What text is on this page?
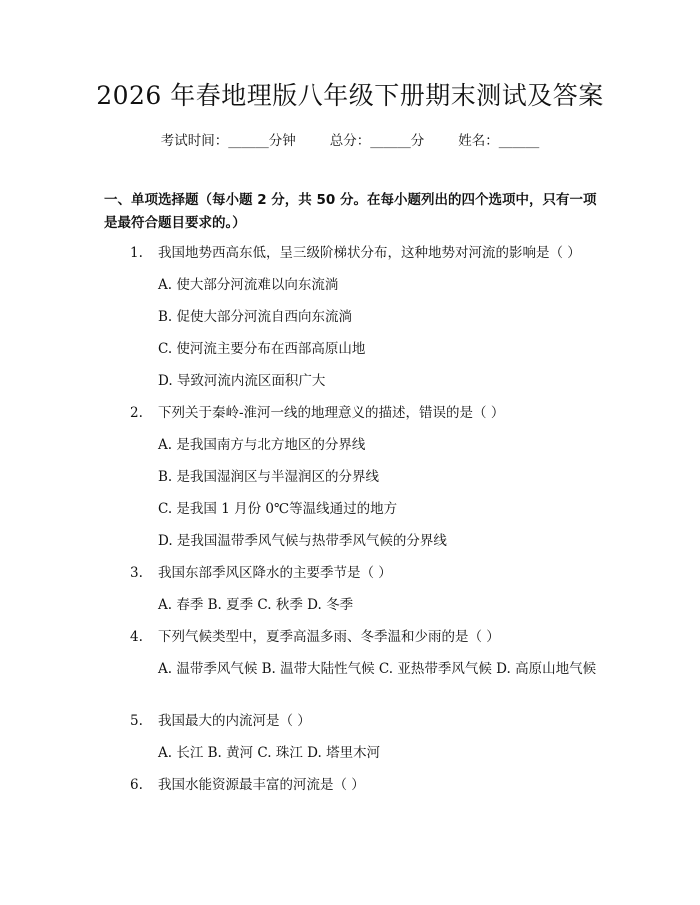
2026 年春地理版八年级下册期末测试及答案
考试时间：______分钟	总分：______分	姓名：______
一、单项选择题（每小题 2 分，共 50 分。在每小题列出的四个选项中，只有一项是最符合题目要求的。）
1. 我国地势西高东低，呈三级阶梯状分布，这种地势对河流的影响是（ ）
A. 使大部分河流难以向东流淌
B. 促使大部分河流自西向东流淌
C. 使河流主要分布在西部高原山地
D. 导致河流内流区面积广大
2. 下列关于秦岭-淮河一线的地理意义的描述，错误的是（ ）
A. 是我国南方与北方地区的分界线
B. 是我国湿润区与半湿润区的分界线
C. 是我国 1 月份 0℃等温线通过的地方
D. 是我国温带季风气候与热带季风气候的分界线
3. 我国东部季风区降水的主要季节是（ ）
A. 春季 B. 夏季 C. 秋季 D. 冬季
4. 下列气候类型中，夏季高温多雨、冬季温和少雨的是（ ）
A. 温带季风气候 B. 温带大陆性气候 C. 亚热带季风气候 D. 高原山地气候
5. 我国最大的内流河是（ ）
A. 长江 B. 黄河 C. 珠江 D. 塔里木河
6. 我国水能资源最丰富的河流是（ ）
